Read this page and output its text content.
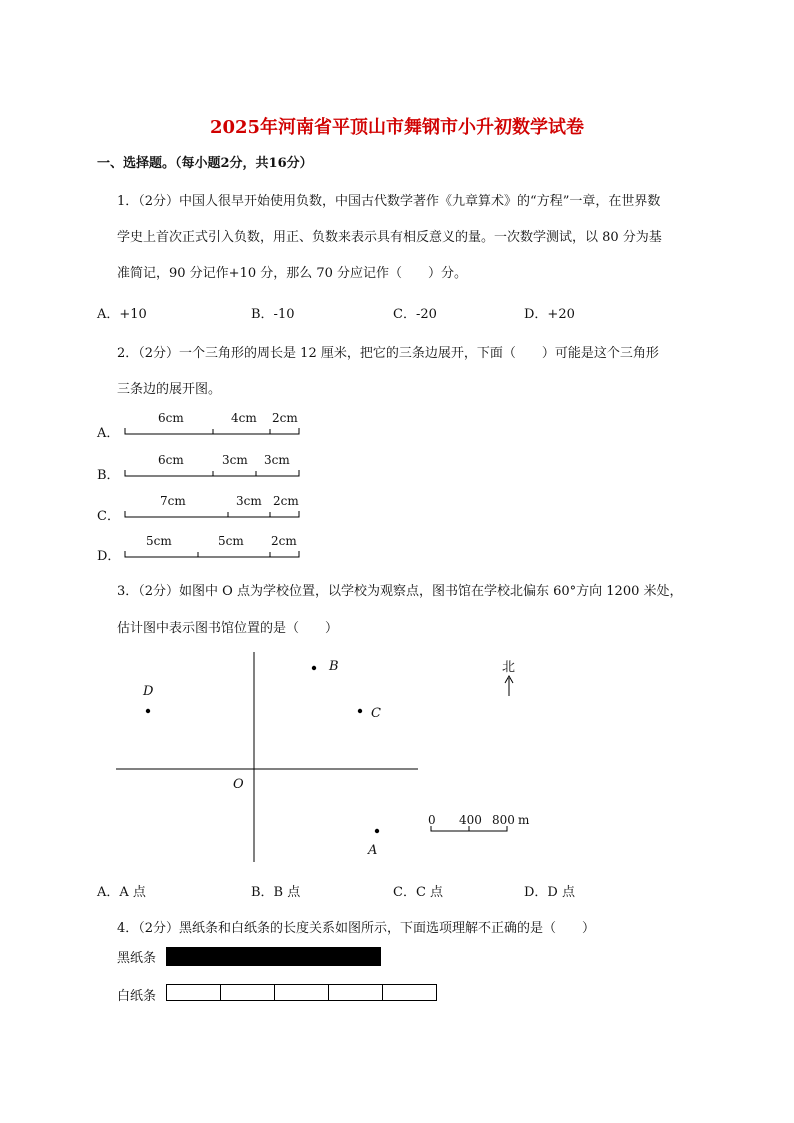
2025年河南省平顶山市舞钢市小升初数学试卷
一、选择题。（每小题2分，共16分）
1．（2分）中国人很早开始使用负数，中国古代数学著作《九章算术》的“方程”一章，在世界数
学史上首次正式引入负数，用正、负数来表示具有相反意义的量。一次数学测试，以 80 分为基
准简记，90 分记作+10 分，那么 70 分应记作（　　）分。
A．+10	B．-10	C．-20	D．+20
2．（2分）一个三角形的周长是 12 厘米，把它的三条边展开，下面（　　）可能是这个三角形
三条边的展开图。
A．
6cm	4cm 2cm
B．
6cm	3cm 3cm
C．
7cm	3cm 2cm
D．
5cm	5cm 2cm
3．（2分）如图中 O 点为学校位置，以学校为观察点，图书馆在学校北偏东 60°方向 1200 米处，
估计图中表示图书馆位置的是（　　）
D
B
C
A
O
北
0 400 800 m
A．A 点	B．B 点	C．C 点	D．D 点
4．（2分）黑纸条和白纸条的长度关系如图所示，下面选项理解不正确的是（　　）
黑纸条
白纸条
